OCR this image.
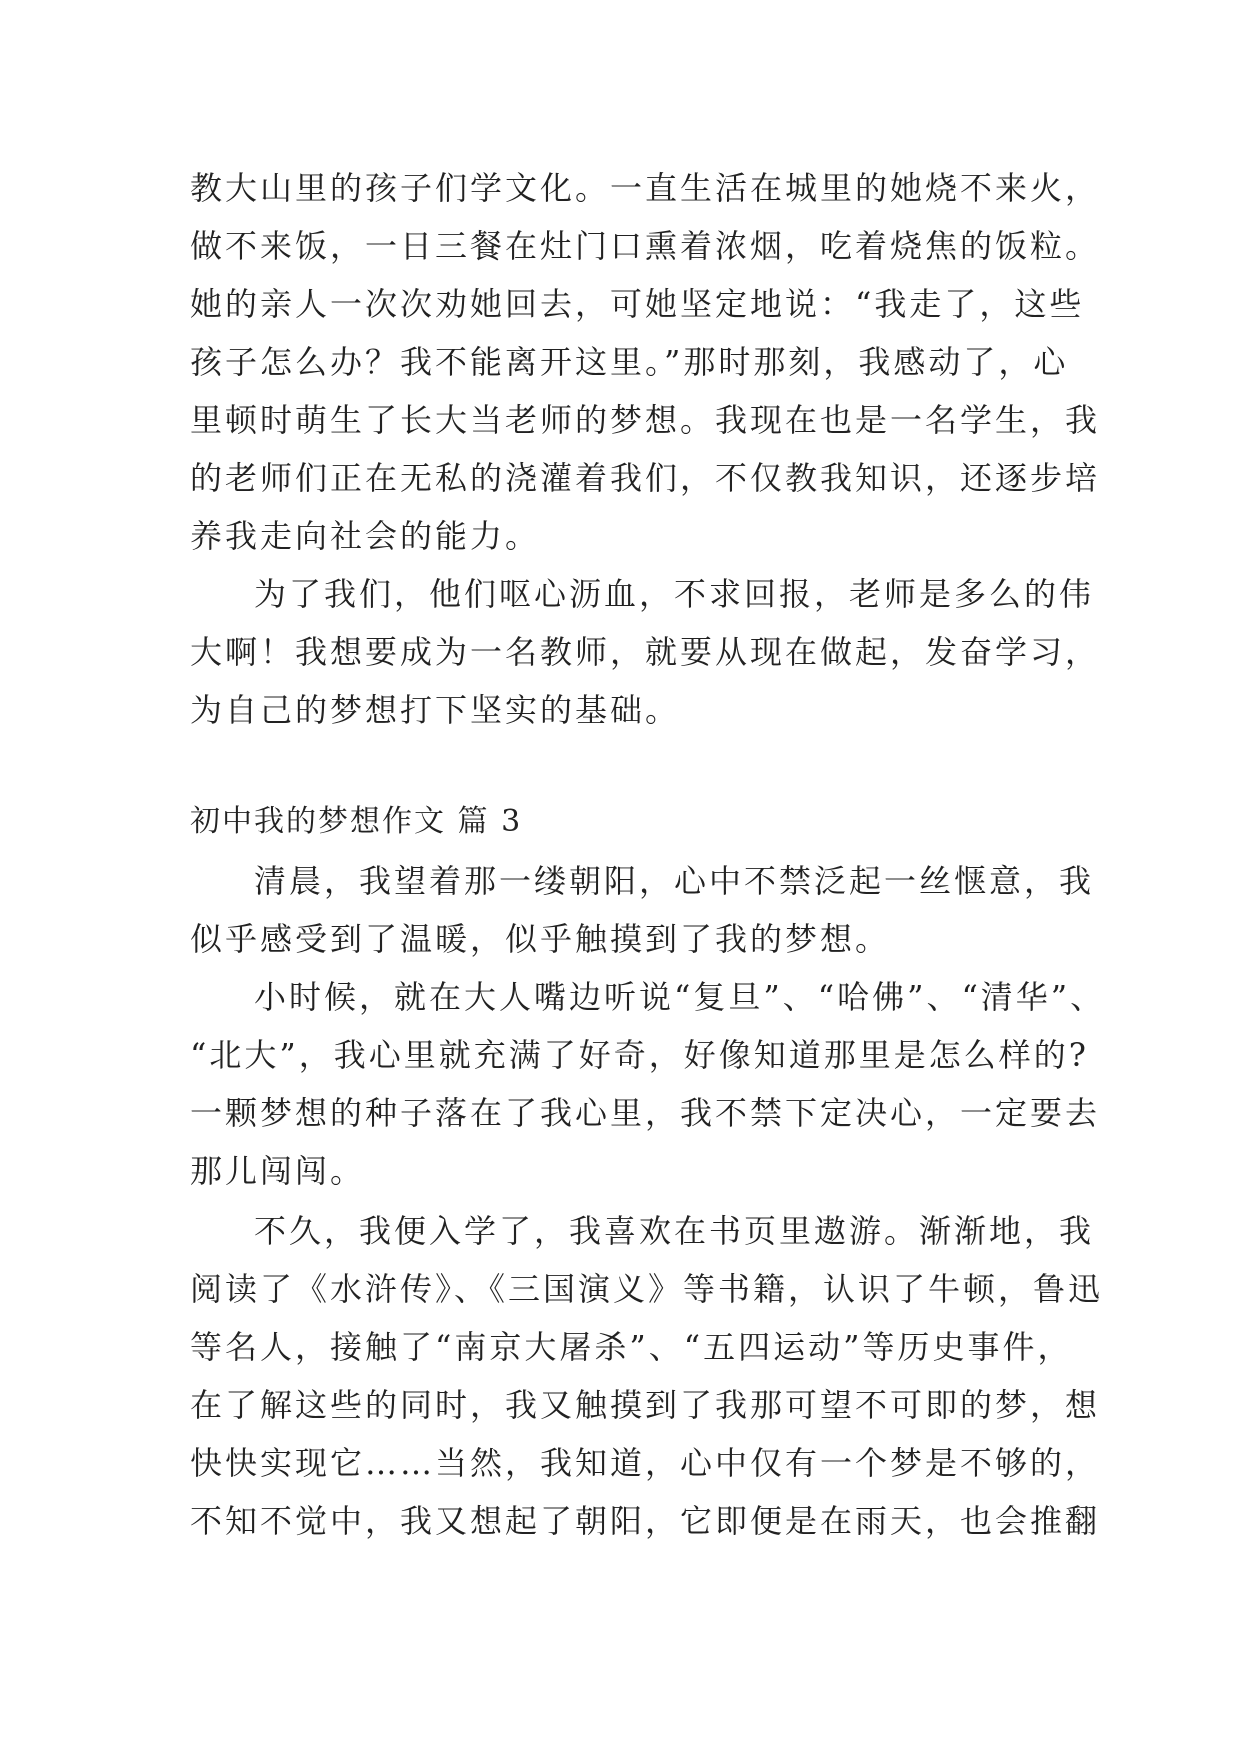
教大山里的孩子们学文化。一直生活在城里的她烧不来火，
做不来饭，一日三餐在灶门口熏着浓烟，吃着烧焦的饭粒。
她的亲人一次次劝她回去，可她坚定地说：“我走了，这些
孩子怎么办？我不能离开这里。”那时那刻，我感动了，心
里顿时萌生了长大当老师的梦想。我现在也是一名学生，我
的老师们正在无私的浇灌着我们，不仅教我知识，还逐步培
养我走向社会的能力。
为了我们，他们呕心沥血，不求回报，老师是多么的伟
大啊！我想要成为一名教师，就要从现在做起，发奋学习，
为自己的梦想打下坚实的基础。
初中我的梦想作文 篇 3
清晨，我望着那一缕朝阳，心中不禁泛起一丝惬意，我
似乎感受到了温暖，似乎触摸到了我的梦想。
小时候，就在大人嘴边听说“复旦”、“哈佛”、“清华”、
“北大”，我心里就充满了好奇，好像知道那里是怎么样的?
一颗梦想的种子落在了我心里，我不禁下定决心，一定要去
那儿闯闯。
不久，我便入学了，我喜欢在书页里遨游。渐渐地，我
阅读了《水浒传》、《三国演义》等书籍，认识了牛顿，鲁迅
等名人，接触了“南京大屠杀”、“五四运动”等历史事件，
在了解这些的同时，我又触摸到了我那可望不可即的梦，想
快快实现它……当然，我知道，心中仅有一个梦是不够的，
不知不觉中，我又想起了朝阳，它即便是在雨天，也会推翻
